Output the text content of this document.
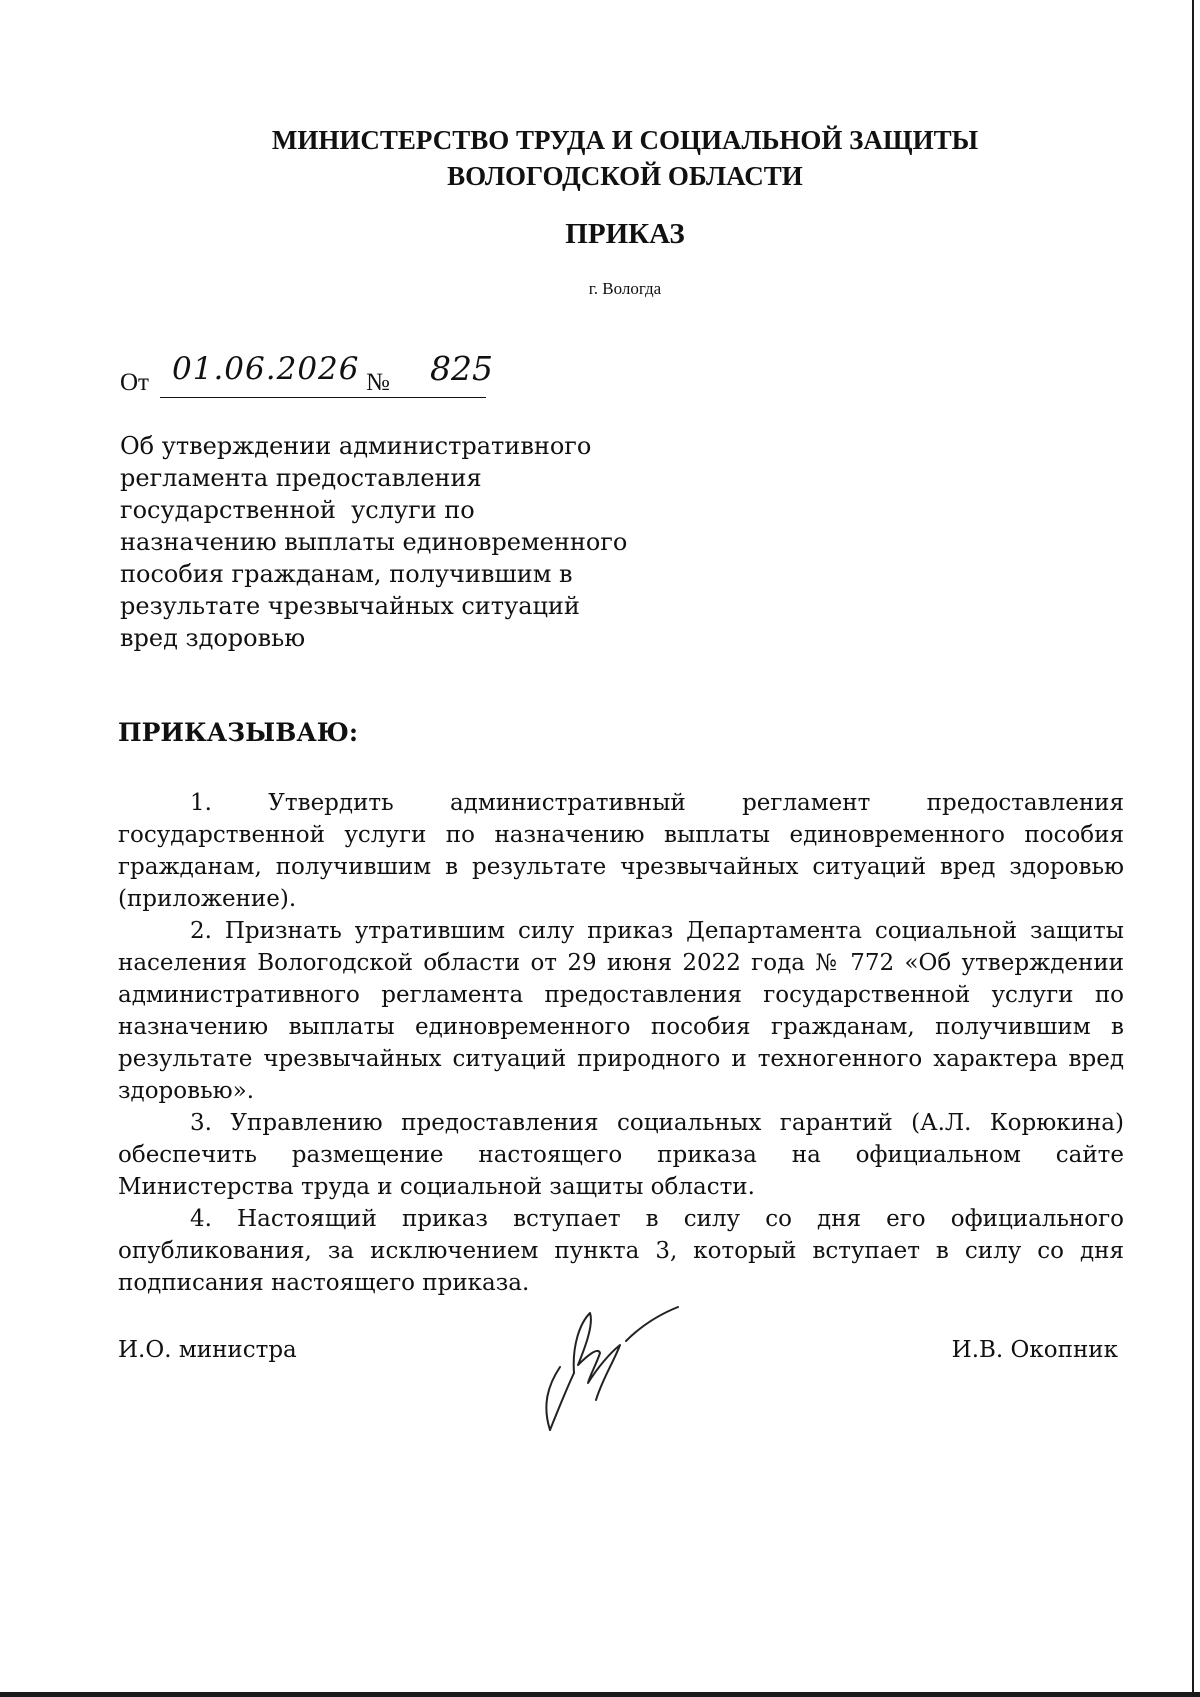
МИНИСТЕРСТВО ТРУДА И СОЦИАЛЬНОЙ ЗАЩИТЫ
ВОЛОГОДСКОЙ ОБЛАСТИ
ПРИКАЗ
г. Вологда
От 01.06.2026 № 825
Об утверждении административного
регламента предоставления
государственной  услуги по
назначению выплаты единовременного
пособия гражданам, получившим в
результате чрезвычайных ситуаций
вред здоровью
ПРИКАЗЫВАЮ:

1. Утвердить административный регламент предоставления государственной услуги по назначению выплаты единовременного пособия гражданам, получившим в результате чрезвычайных ситуаций вред здоровью (приложение).

2. Признать утратившим силу приказ Департамента социальной защиты населения Вологодской области от 29 июня 2022 года № 772 «Об утверждении административного регламента предоставления государственной услуги по назначению выплаты единовременного пособия гражданам, получившим в результате чрезвычайных ситуаций природного и техногенного характера вред здоровью».

3. Управлению предоставления социальных гарантий (А.Л. Корюкина) обеспечить размещение настоящего приказа на официальном сайте Министерства труда и социальной защиты области.

4. Настоящий приказ вступает в силу со дня его официального опубликования, за исключением пункта 3, который вступает в силу со дня подписания настоящего приказа.

И.О. министра	И.В. Окопник
